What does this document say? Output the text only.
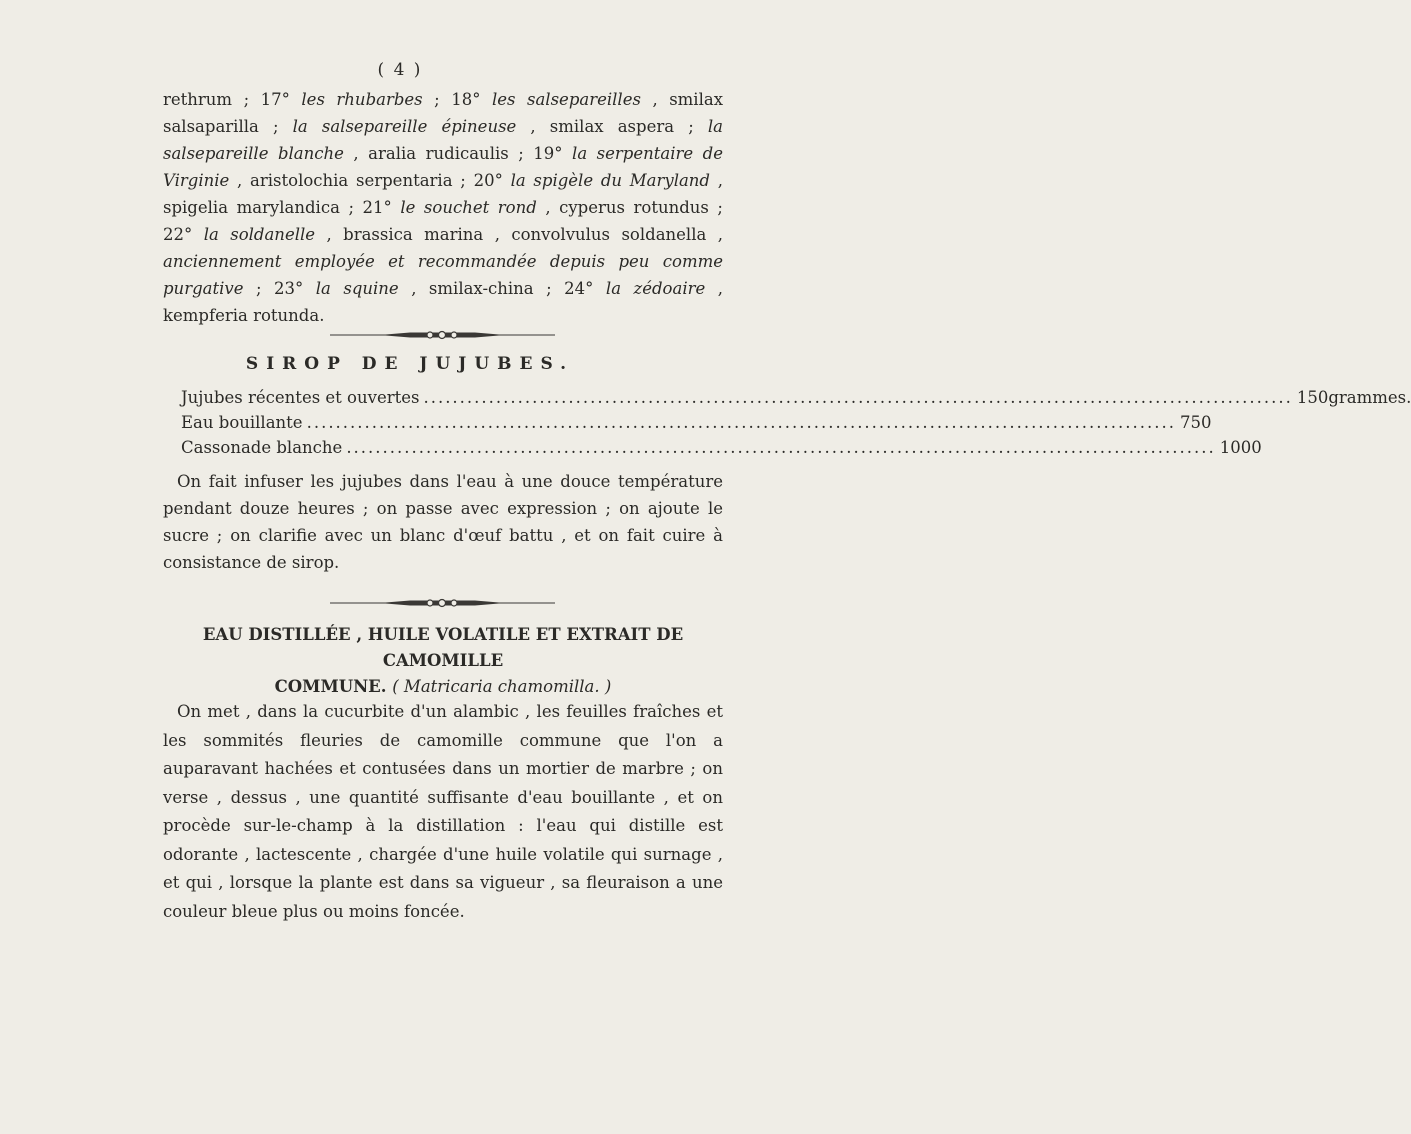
( 4 )
rethrum ; 17° les rhubarbes ; 18° les salsepareilles , smilax salsaparilla ; la salsepareille épineuse , smilax aspera ; la salsepareille blanche , aralia rudicaulis ; 19° la serpentaire de Virginie , aristolochia serpentaria ; 20° la spigèle du Maryland , spigelia marylandica ; 21° le souchet rond , cyperus rotundus ; 22° la soldanelle , brassica marina , convolvulus soldanella , anciennement employée et recommandée depuis peu comme purgative ; 23° la squine , smilax-china ; 24° la zédoaire , kempferia rotunda.
SIROP DE JUJUBES.
Jujubes récentes et ouvertes ........................................................................................................................ 150grammes.
Eau bouillante ........................................................................................................................ 750
Cassonade blanche ........................................................................................................................ 1000
On fait infuser les jujubes dans l'eau à une douce température pendant douze heures ; on passe avec expression ; on ajoute le sucre ; on clarifie avec un blanc d'œuf battu , et on fait cuire à consistance de sirop.
EAU DISTILLÉE , HUILE VOLATILE ET EXTRAIT DE CAMOMILLE
COMMUNE. ( Matricaria chamomilla. )
On met , dans la cucurbite d'un alambic , les feuilles fraîches et les sommités fleuries de camomille commune que l'on a auparavant hachées et contusées dans un mortier de marbre ; on verse , dessus , une quantité suffisante d'eau bouillante , et on procède sur-le-champ à la distillation : l'eau qui distille est odorante , lactescente , chargée d'une huile volatile qui surnage , et qui , lorsque la plante est dans sa vigueur , sa fleuraison a une couleur bleue plus ou moins foncée.
